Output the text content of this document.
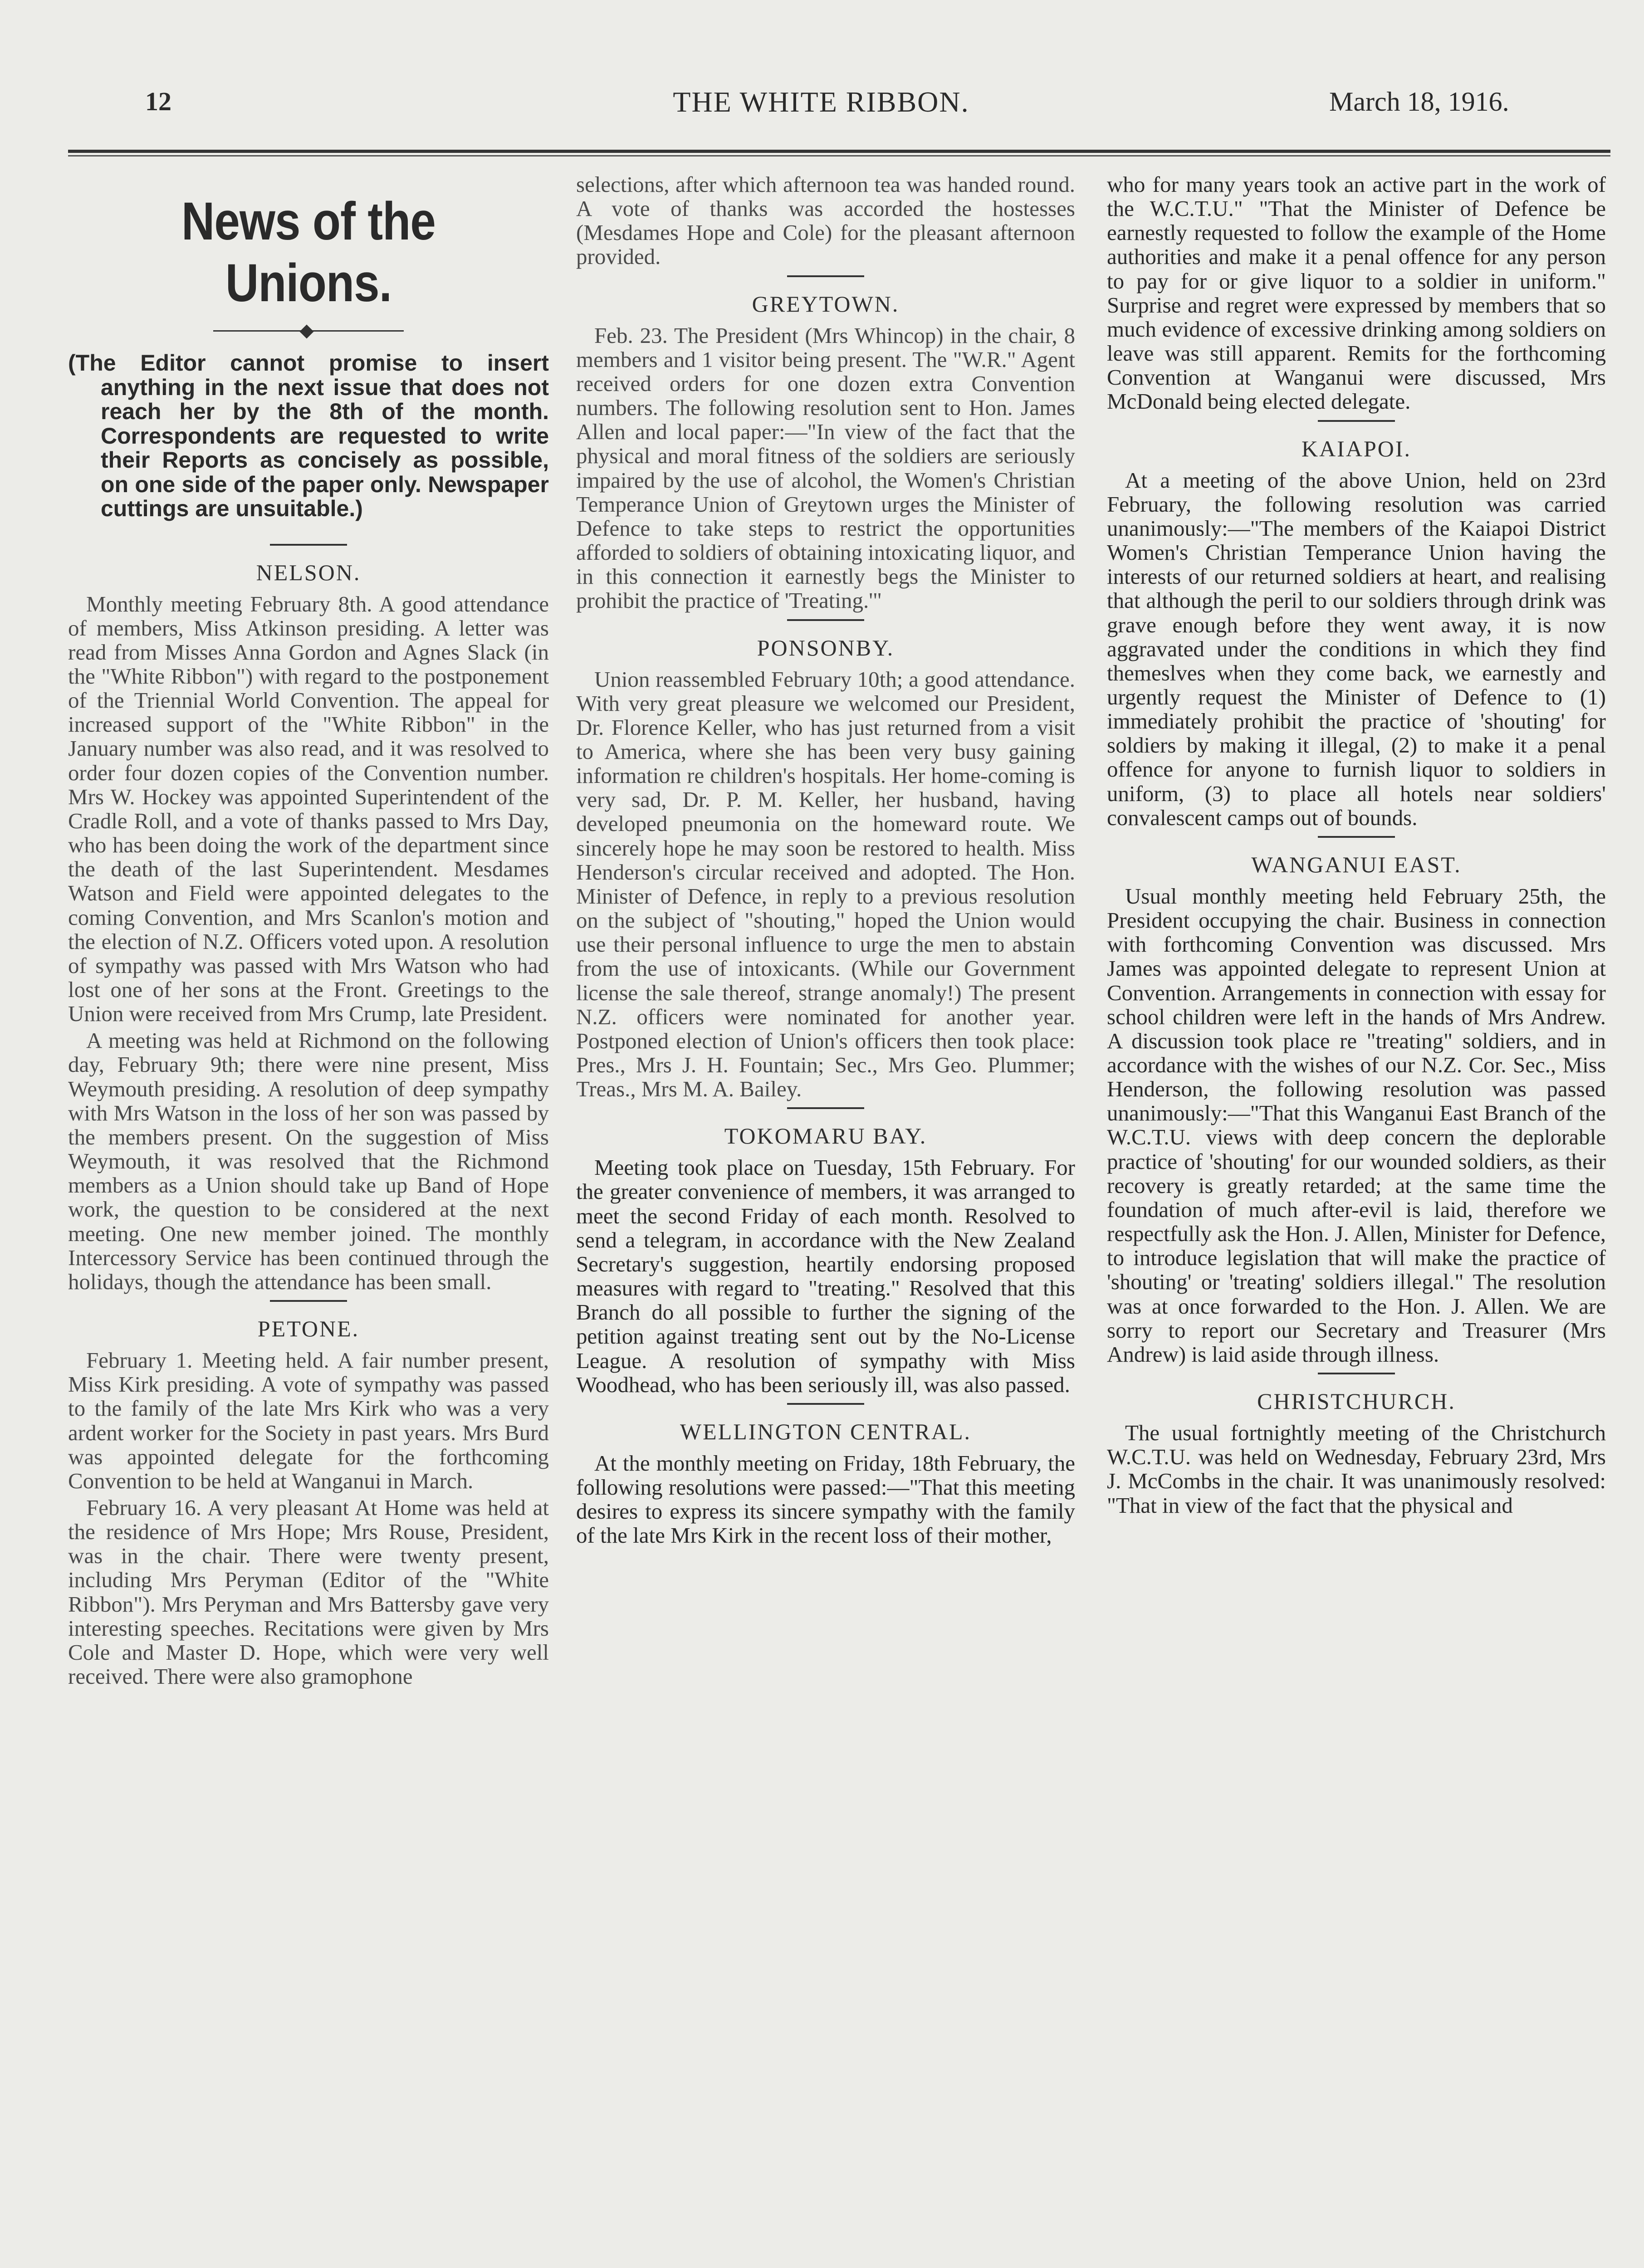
12	THE WHITE RIBBON.	March 18, 1916.
News of the Unions.

(The Editor cannot promise to insert anything in the next issue that does not reach her by the 8th of the month. Correspondents are requested to write their Reports as concisely as possible, on one side of the paper only. Newspaper cuttings are unsuitable.)

NELSON.

Monthly meeting February 8th. A good attendance of members, Miss Atkinson presiding. A letter was read from Misses Anna Gordon and Agnes Slack (in the "White Ribbon") with regard to the postponement of the Triennial World Convention. The appeal for increased support of the "White Ribbon" in the January number was also read, and it was resolved to order four dozen copies of the Convention number. Mrs W. Hockey was appointed Superintendent of the Cradle Roll, and a vote of thanks passed to Mrs Day, who has been doing the work of the department since the death of the last Superintendent. Mesdames Watson and Field were appointed delegates to the coming Convention, and Mrs Scanlon's motion and the election of N.Z. Officers voted upon. A resolution of sympathy was passed with Mrs Watson who had lost one of her sons at the Front. Greetings to the Union were received from Mrs Crump, late President.

A meeting was held at Richmond on the following day, February 9th; there were nine present, Miss Weymouth presiding. A resolution of deep sympathy with Mrs Watson in the loss of her son was passed by the members present. On the suggestion of Miss Weymouth, it was resolved that the Richmond members as a Union should take up Band of Hope work, the question to be considered at the next meeting. One new member joined. The monthly Intercessory Service has been continued through the holidays, though the attendance has been small.

PETONE.

February 1. Meeting held. A fair number present, Miss Kirk presiding. A vote of sympathy was passed to the family of the late Mrs Kirk who was a very ardent worker for the Society in past years. Mrs Burd was appointed delegate for the forthcoming Convention to be held at Wanganui in March.

February 16. A very pleasant At Home was held at the residence of Mrs Hope; Mrs Rouse, President, was in the chair. There were twenty present, including Mrs Peryman (Editor of the "White Ribbon"). Mrs Peryman and Mrs Battersby gave very interesting speeches. Recitations were given by Mrs Cole and Master D. Hope, which were very well received. There were also gramophone

selections, after which afternoon tea was handed round. A vote of thanks was accorded the hostesses (Mesdames Hope and Cole) for the pleasant afternoon provided.

GREYTOWN.

Feb. 23. The President (Mrs Whincop) in the chair, 8 members and 1 visitor being present. The "W.R." Agent received orders for one dozen extra Convention numbers. The following resolution sent to Hon. James Allen and local paper:—"In view of the fact that the physical and moral fitness of the soldiers are seriously impaired by the use of alcohol, the Women's Christian Temperance Union of Greytown urges the Minister of Defence to take steps to restrict the opportunities afforded to soldiers of obtaining intoxicating liquor, and in this connection it earnestly begs the Minister to prohibit the practice of 'Treating.'"

PONSONBY.

Union reassembled February 10th; a good attendance. With very great pleasure we welcomed our President, Dr. Florence Keller, who has just returned from a visit to America, where she has been very busy gaining information re children's hospitals. Her home-coming is very sad, Dr. P. M. Keller, her husband, having developed pneumonia on the homeward route. We sincerely hope he may soon be restored to health. Miss Henderson's circular received and adopted. The Hon. Minister of Defence, in reply to a previous resolution on the subject of "shouting," hoped the Union would use their personal influence to urge the men to abstain from the use of intoxicants. (While our Government license the sale thereof, strange anomaly!) The present N.Z. officers were nominated for another year. Postponed election of Union's officers then took place: Pres., Mrs J. H. Fountain; Sec., Mrs Geo. Plummer; Treas., Mrs M. A. Bailey.

TOKOMARU BAY.

Meeting took place on Tuesday, 15th February. For the greater convenience of members, it was arranged to meet the second Friday of each month. Resolved to send a telegram, in accordance with the New Zealand Secretary's suggestion, heartily endorsing proposed measures with regard to "treating." Resolved that this Branch do all possible to further the signing of the petition against treating sent out by the No-License League. A resolution of sympathy with Miss Woodhead, who has been seriously ill, was also passed.

WELLINGTON CENTRAL.

At the monthly meeting on Friday, 18th February, the following resolutions were passed:—"That this meeting desires to express its sincere sympathy with the family of the late Mrs Kirk in the recent loss of their mother,

who for many years took an active part in the work of the W.C.T.U." "That the Minister of Defence be earnestly requested to follow the example of the Home authorities and make it a penal offence for any person to pay for or give liquor to a soldier in uniform." Surprise and regret were expressed by members that so much evidence of excessive drinking among soldiers on leave was still apparent. Remits for the forthcoming Convention at Wanganui were discussed, Mrs McDonald being elected delegate.

KAIAPOI.

At a meeting of the above Union, held on 23rd February, the following resolution was carried unanimously:—"The members of the Kaiapoi District Women's Christian Temperance Union having the interests of our returned soldiers at heart, and realising that although the peril to our soldiers through drink was grave enough before they went away, it is now aggravated under the conditions in which they find themeslves when they come back, we earnestly and urgently request the Minister of Defence to (1) immediately prohibit the practice of 'shouting' for soldiers by making it illegal, (2) to make it a penal offence for anyone to furnish liquor to soldiers in uniform, (3) to place all hotels near soldiers' convalescent camps out of bounds.

WANGANUI EAST.

Usual monthly meeting held February 25th, the President occupying the chair. Business in connection with forthcoming Convention was discussed. Mrs James was appointed delegate to represent Union at Convention. Arrangements in connection with essay for school children were left in the hands of Mrs Andrew. A discussion took place re "treating" soldiers, and in accordance with the wishes of our N.Z. Cor. Sec., Miss Henderson, the following resolution was passed unanimously:—"That this Wanganui East Branch of the W.C.T.U. views with deep concern the deplorable practice of 'shouting' for our wounded soldiers, as their recovery is greatly retarded; at the same time the foundation of much after-evil is laid, therefore we respectfully ask the Hon. J. Allen, Minister for Defence, to introduce legislation that will make the practice of 'shouting' or 'treating' soldiers illegal." The resolution was at once forwarded to the Hon. J. Allen. We are sorry to report our Secretary and Treasurer (Mrs Andrew) is laid aside through illness.

CHRISTCHURCH.

The usual fortnightly meeting of the Christchurch W.C.T.U. was held on Wednesday, February 23rd, Mrs J. McCombs in the chair. It was unanimously resolved: "That in view of the fact that the physical and
